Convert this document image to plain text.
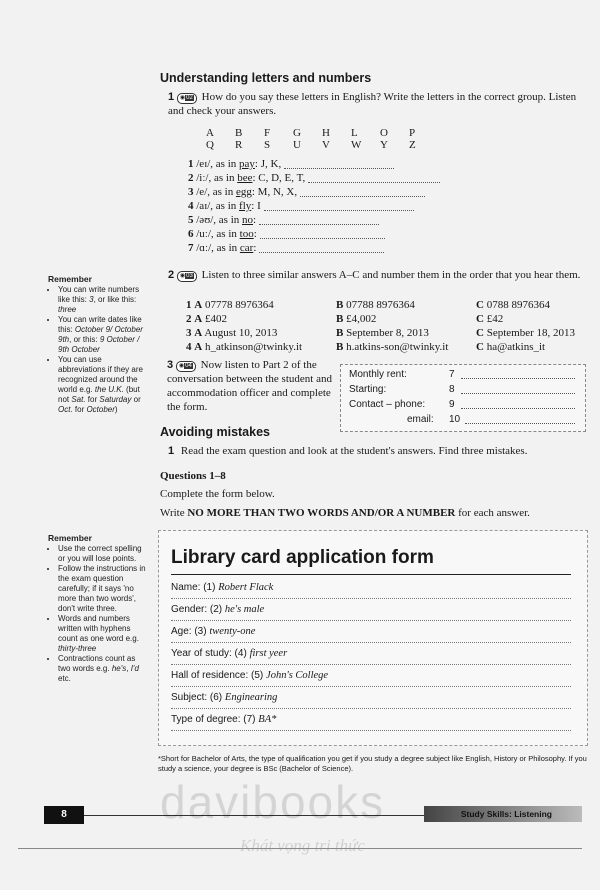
Understanding letters and numbers
1 ◉02 How do you say these letters in English? Write the letters in the correct group. Listen and check your answers.
A B F G H L O P
Q R S U V W Y Z
1 /eɪ/, as in pay: J, K,
2 /iː/, as in bee: C, D, E, T,
3 /e/, as in egg: M, N, X,
4 /aɪ/, as in fly: I
5 /əʊ/, as in no:
6 /uː/, as in too:
7 /ɑː/, as in car:
Remember
• You can write numbers like this: 3, or like this: three
• You can write dates like this: October 9/ October 9th, or this: 9 October / 9th October
• You can use abbreviations if they are recognized around the world e.g. the U.K. (but not Sat. for Saturday or Oct. for October)
2 ◉03 Listen to three similar answers A–C and number them in the order that you hear them.
1 A 07778 8976364	B 07788 8976364	C 0788 8976364
2 A £402	B £4,002	C £42
3 A August 10, 2013	B September 8, 2013	C September 18, 2013
4 A h_atkinson@twinky.it	B h.atkins-son@twinky.it	C ha@atkins_it
3 ◉04 Now listen to Part 2 of the conversation between the student and accommodation officer and complete the form.
Monthly rent:	7
Starting:	8
Contact – phone: 9
email: 10
Avoiding mistakes
1 Read the exam question and look at the student's answers. Find three mistakes.
Questions 1–8
Complete the form below.
Write NO MORE THAN TWO WORDS AND/OR A NUMBER for each answer.
Remember
• Use the correct spelling or you will lose points.
• Follow the instructions in the exam question carefully; if it says 'no more than two words', don't write three.
• Words and numbers written with hyphens count as one word e.g. thirty-three
• Contractions count as two words e.g. he's, I'd etc.
Library card application form
Name: (1) Robert Flack
Gender: (2) he's male
Age: (3) twenty-one
Year of study: (4) first yeer
Hall of residence: (5) John's College
Subject: (6) Enginearing
Type of degree: (7) BA*
*Short for Bachelor of Arts, the type of qualification you get if you study a degree subject like English, History or Philosophy. If you study a science, your degree is BSc (Bachelor of Science).
8	Study Skills: Listening
davibooks
Khát vọng tri thức
